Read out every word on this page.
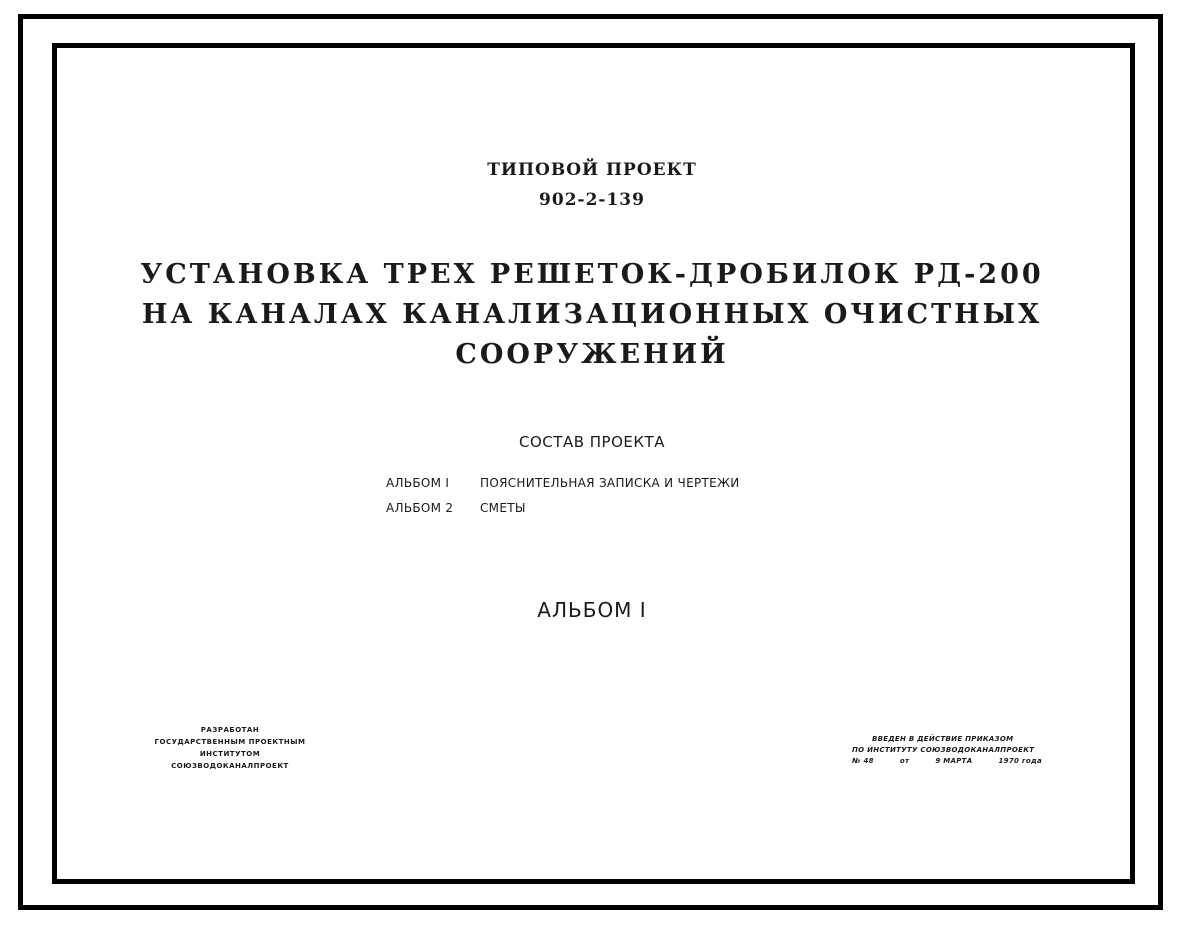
ТИПОВОЙ ПРОЕКТ
902-2-139
УСТАНОВКА ТРЕХ РЕШЕТОК-ДРОБИЛОК РД-200
НА КАНАЛАХ КАНАЛИЗАЦИОННЫХ ОЧИСТНЫХ
СООРУЖЕНИЙ
СОСТАВ ПРОЕКТА
АЛЬБОМ I	ПОЯСНИТЕЛЬНАЯ ЗАПИСКА И ЧЕРТЕЖИ
АЛЬБОМ 2	СМЕТЫ
АЛЬБОМ I
РАЗРАБОТАН
ГОСУДАРСТВЕННЫМ ПРОЕКТНЫМ
ИНСТИТУТОМ
СОЮЗВОДОКАНАЛПРОЕКТ
ВВЕДЕН В ДЕЙСТВИЕ ПРИКАЗОМ
ПО ИНСТИТУТУ СОЮЗВОДОКАНАЛПРОЕКТ
№ 48	от	9 МАРТА	1970 года
